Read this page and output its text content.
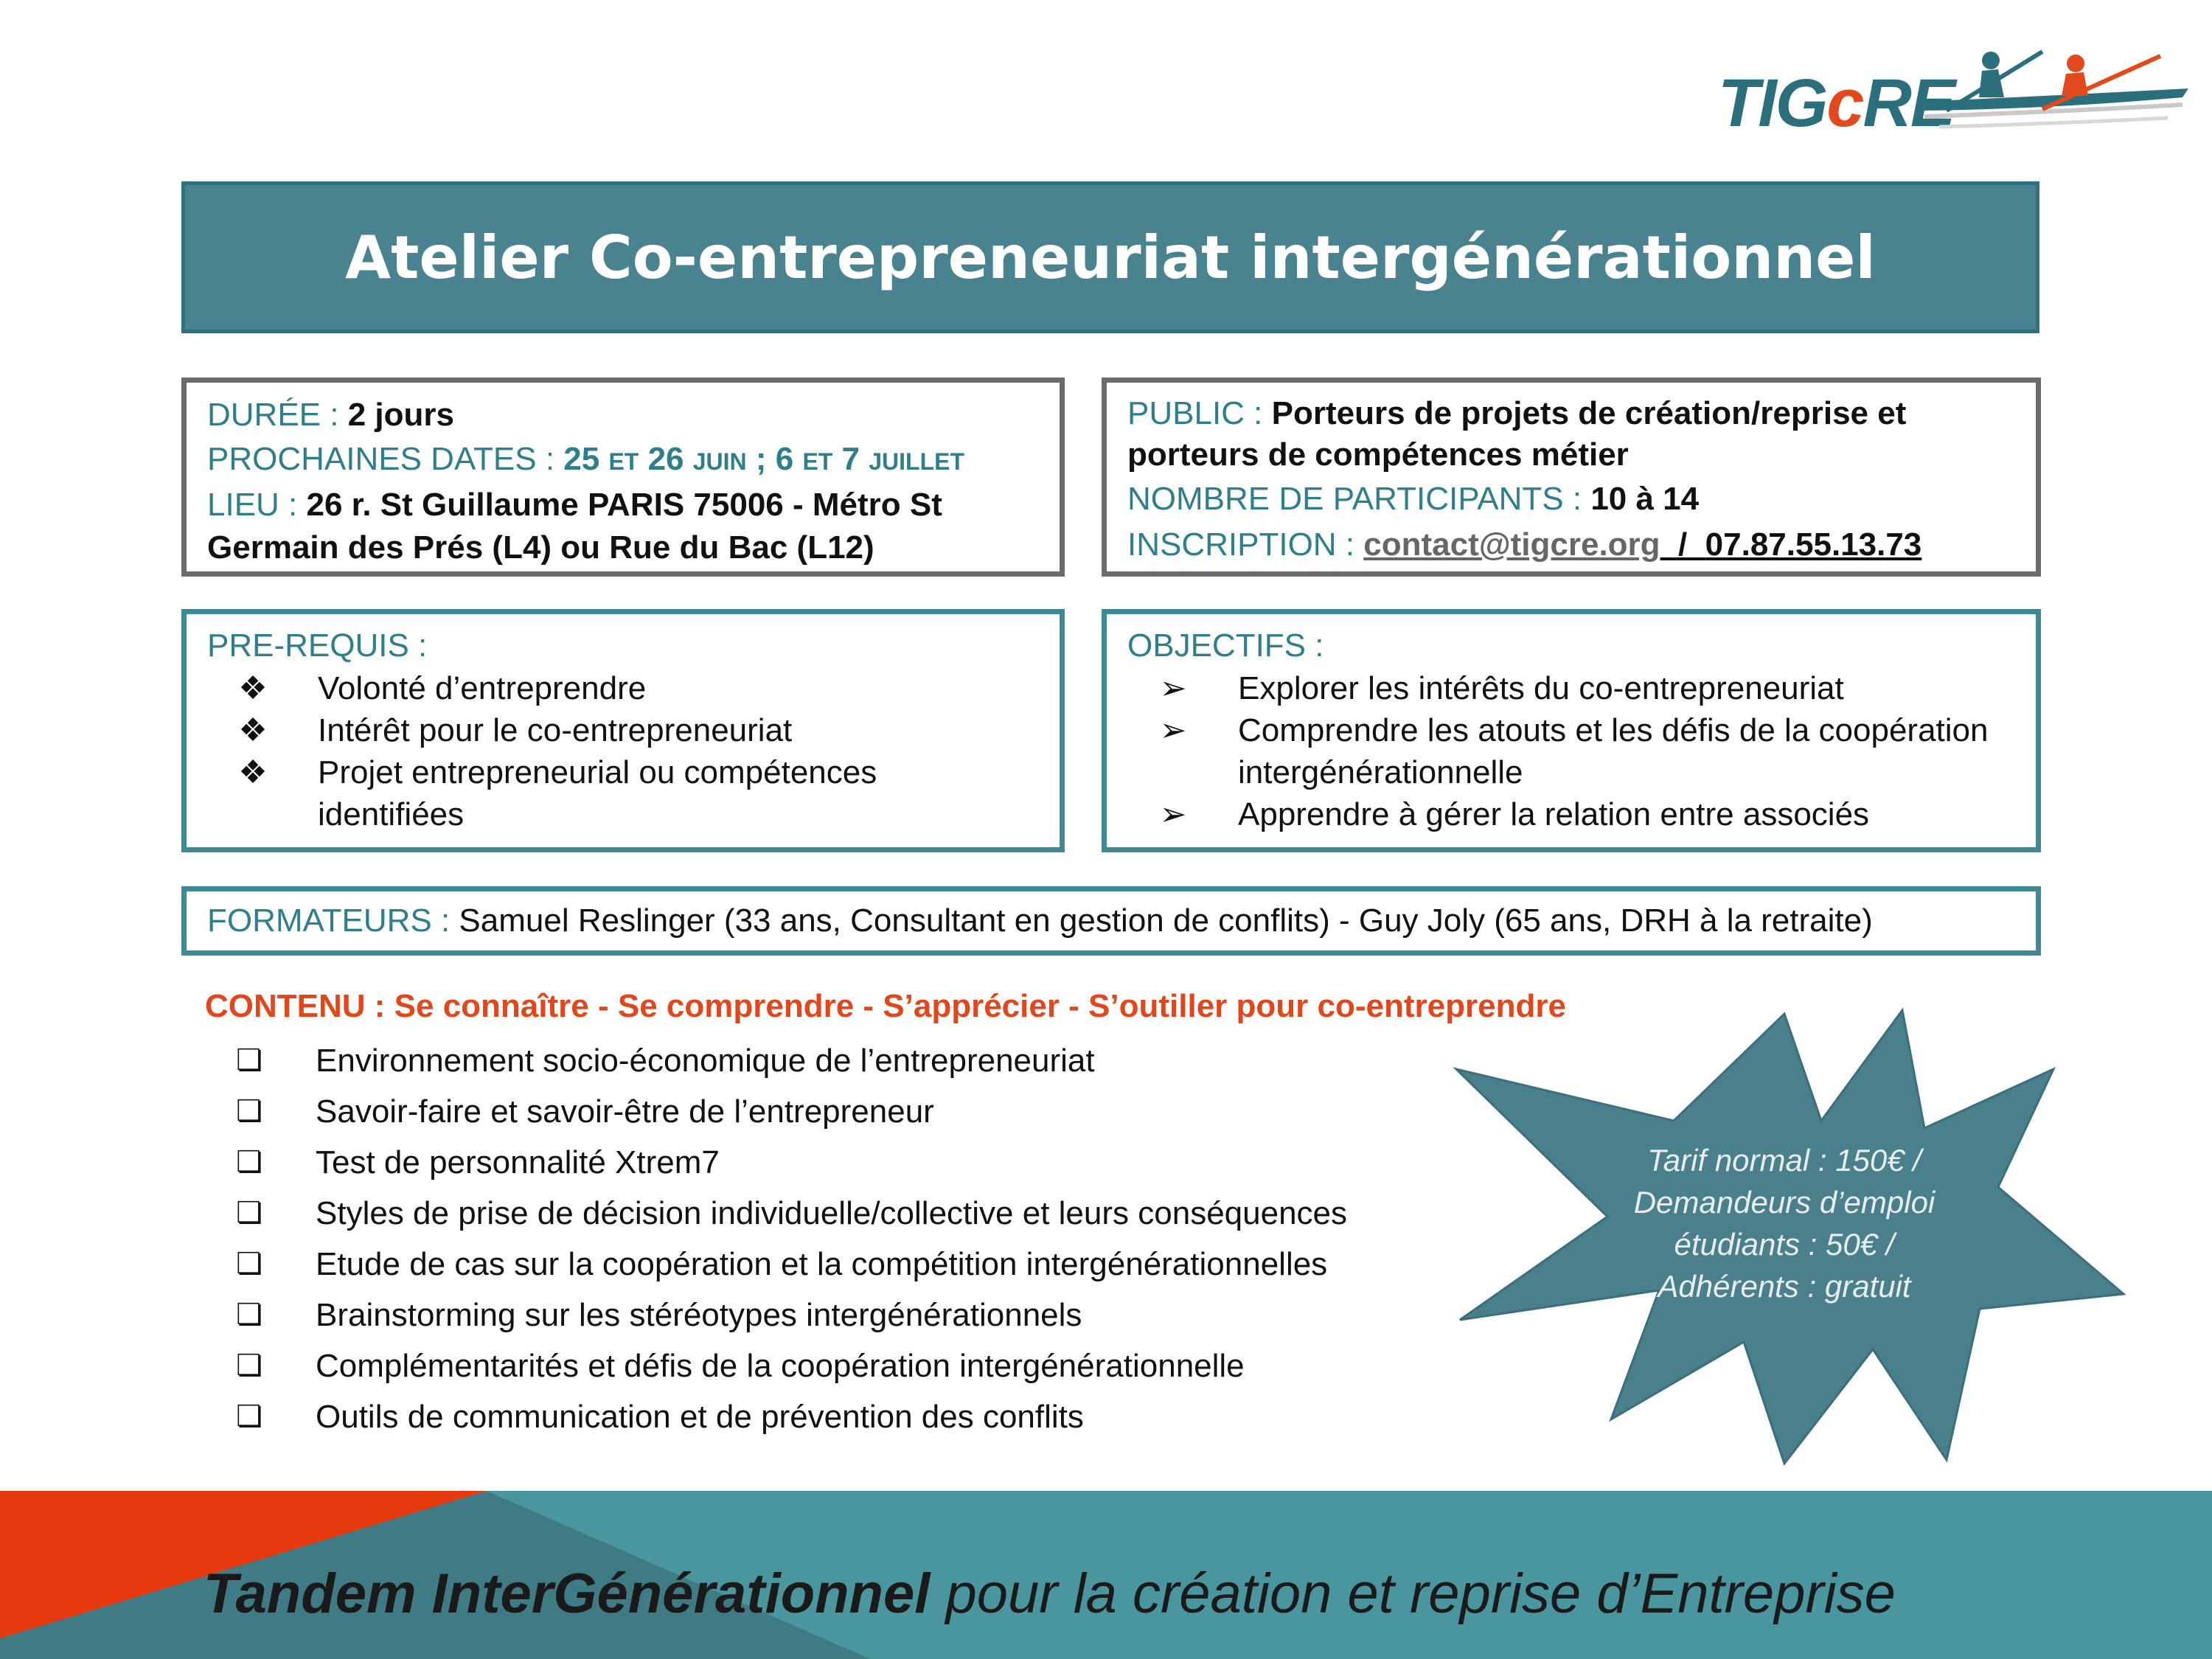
TIGcRE
Atelier Co-entrepreneuriat intergénérationnel
DURÉE : 2 jours
PROCHAINES DATES : 25 ET 26 JUIN ; 6 ET 7 JUILLET
LIEU : 26 r. St Guillaume PARIS 75006 - Métro St Germain des Prés (L4) ou Rue du Bac (L12)
PUBLIC : Porteurs de projets de création/reprise et porteurs de compétences métier
NOMBRE DE PARTICIPANTS : 10 à 14
INSCRIPTION : contact@tigcre.org  /  07.87.55.13.73
PRE-REQUIS :
❖ Volonté d’entreprendre
❖ Intérêt pour le co-entrepreneuriat
❖ Projet entrepreneurial ou compétences identifiées
OBJECTIFS :
➢ Explorer les intérêts du co-entrepreneuriat
➢ Comprendre les atouts et les défis de la coopération intergénérationnelle
➢ Apprendre à gérer la relation entre associés
FORMATEURS : Samuel Reslinger (33 ans, Consultant en gestion de conflits) - Guy Joly (65 ans, DRH à la retraite)
CONTENU : Se connaître - Se comprendre - S’apprécier - S’outiller pour co-entreprendre
❏ Environnement socio-économique de l’entrepreneuriat
❏ Savoir-faire et savoir-être de l’entrepreneur
❏ Test de personnalité Xtrem7
❏ Styles de prise de décision individuelle/collective et leurs conséquences
❏ Etude de cas sur la coopération et la compétition intergénérationnelles
❏ Brainstorming sur les stéréotypes intergénérationnels
❏ Complémentarités et défis de la coopération intergénérationnelle
❏ Outils de communication et de prévention des conflits
Tarif normal : 150€ /
Demandeurs d’emploi
étudiants : 50€ /
Adhérents : gratuit
Tandem InterGénérationnel pour la création et reprise d’Entreprise
